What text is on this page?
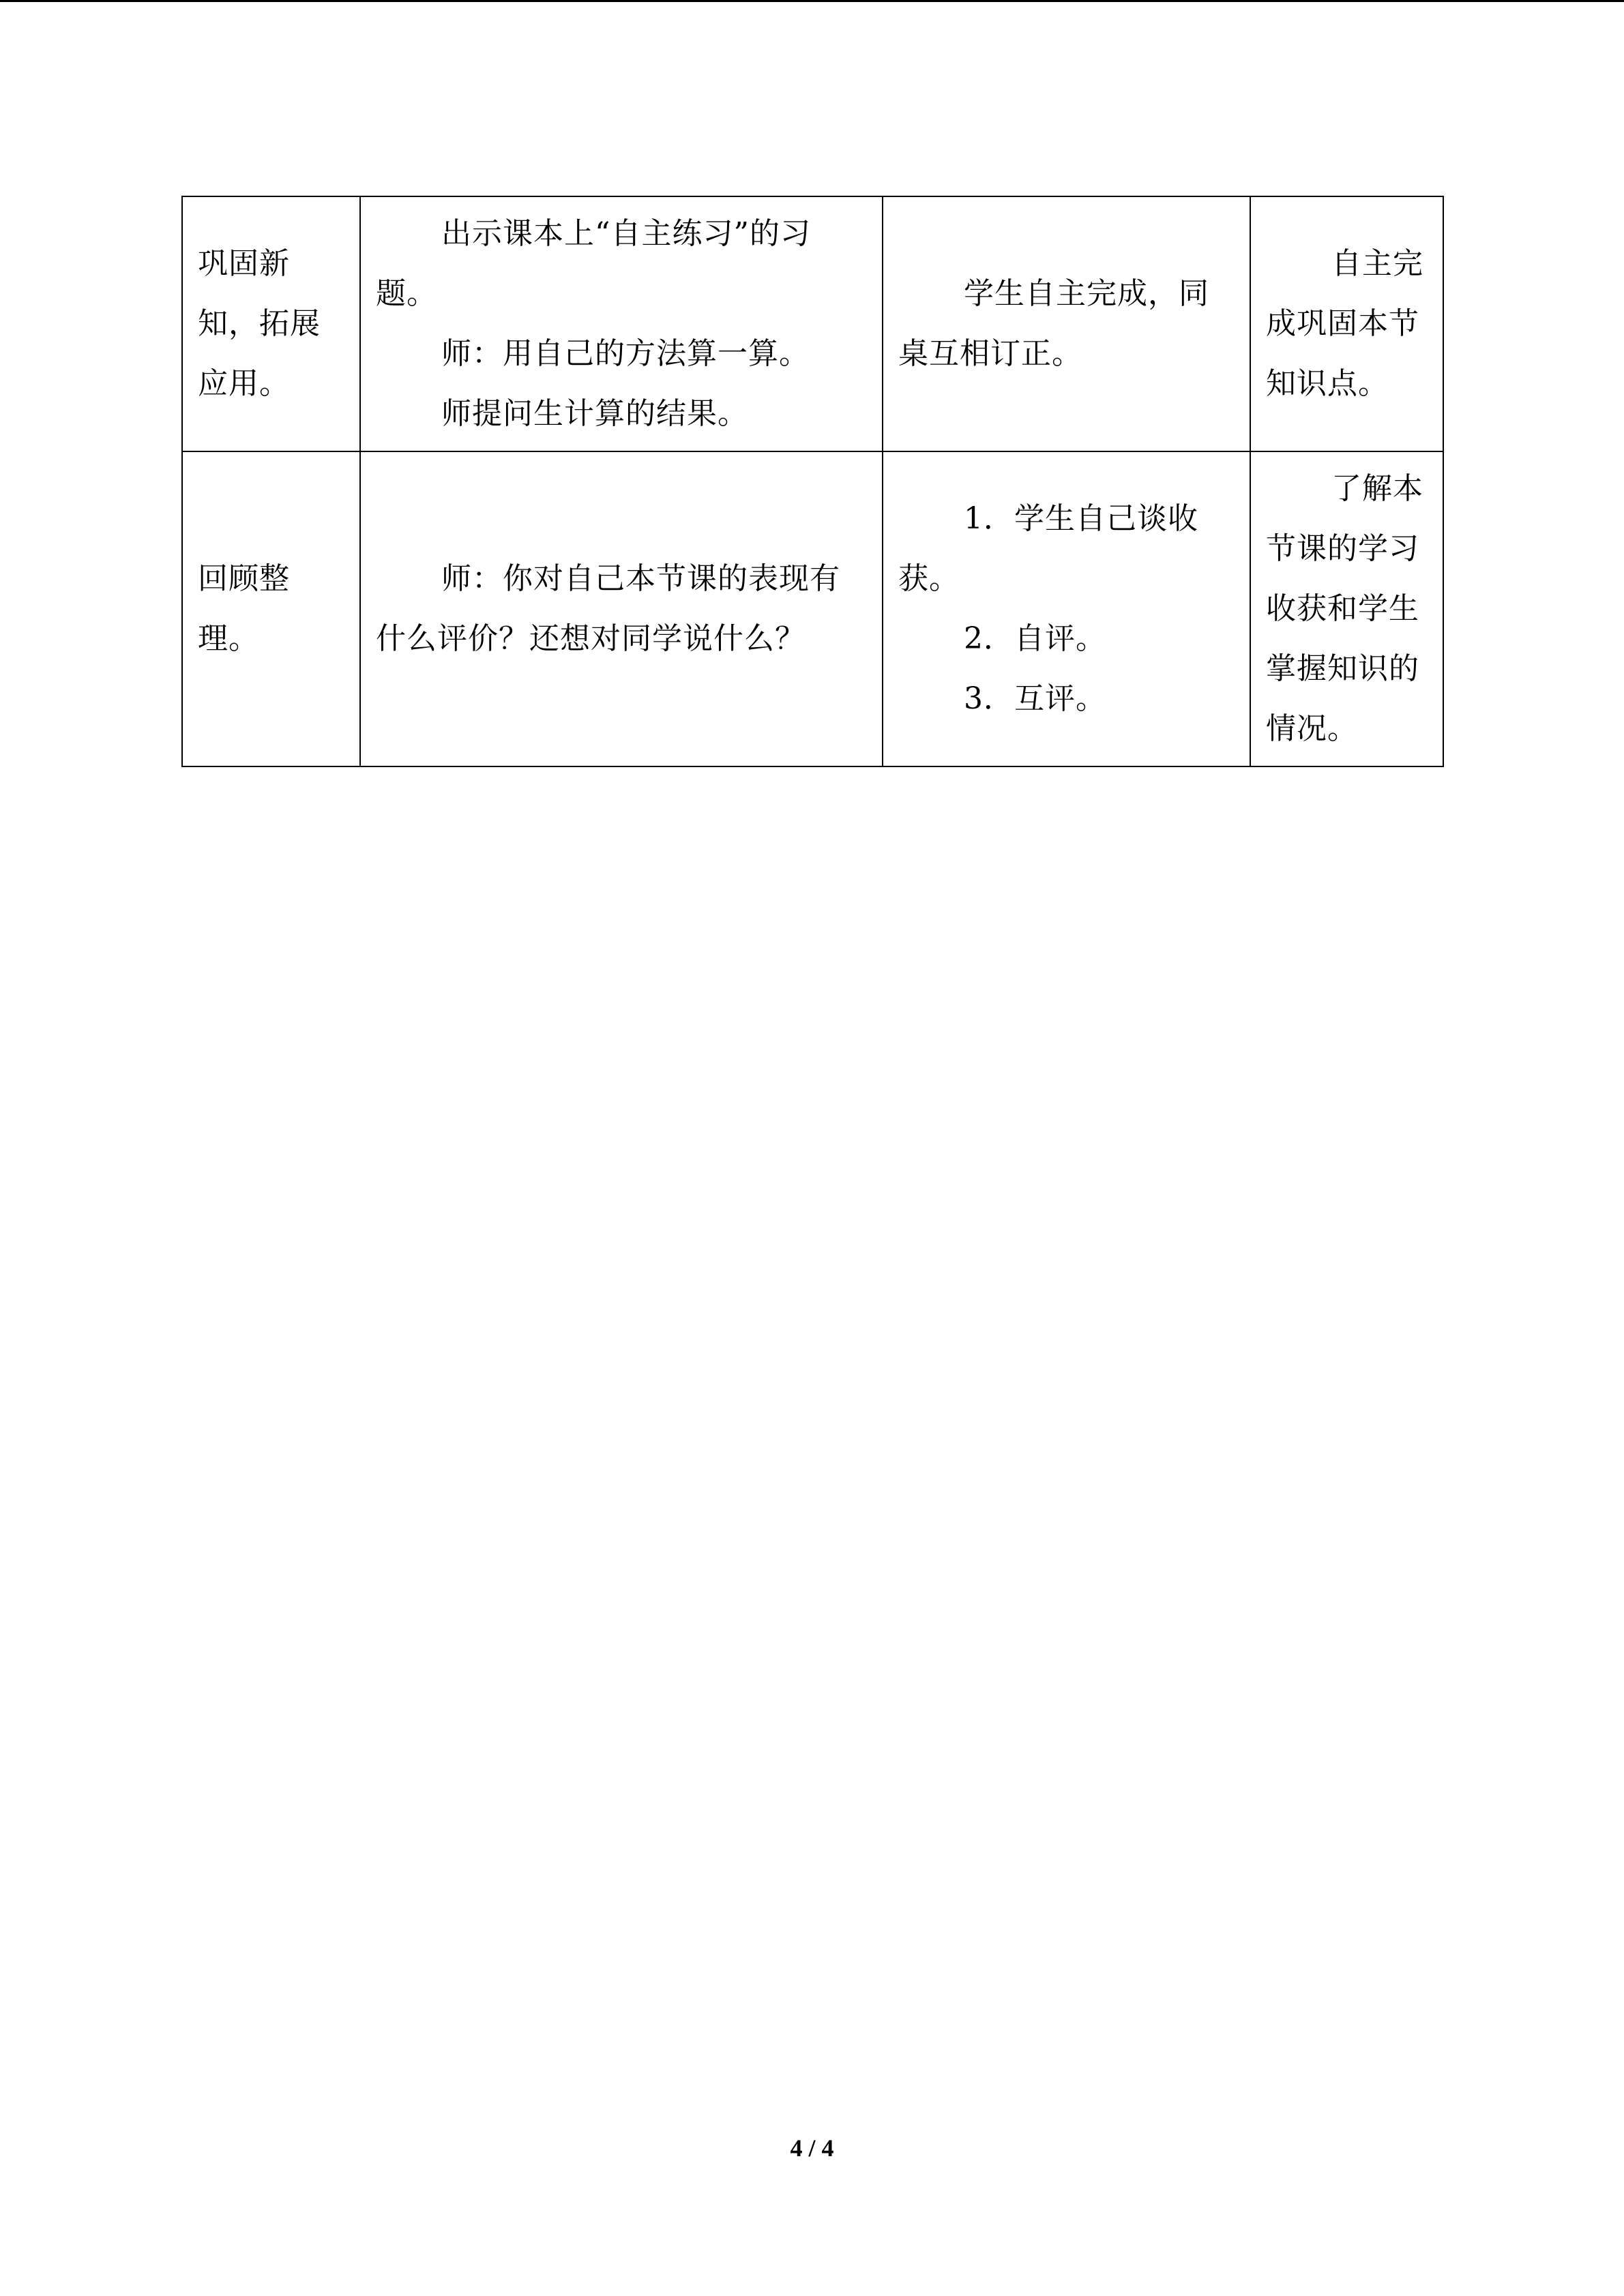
巩固新知，拓展应用。	出示课本上“自主练习”的习题。
师：用自己的方法算一算。
师提问生计算的结果。	学生自主完成，同桌互相订正。	自主完成巩固本节知识点。

回顾整理。	师：你对自己本节课的表现有什么评价？还想对同学说什么？	1．学生自己谈收获。
2．自评。
3．互评。	了解本节课的学习收获和学生掌握知识的情况。
4 / 4
